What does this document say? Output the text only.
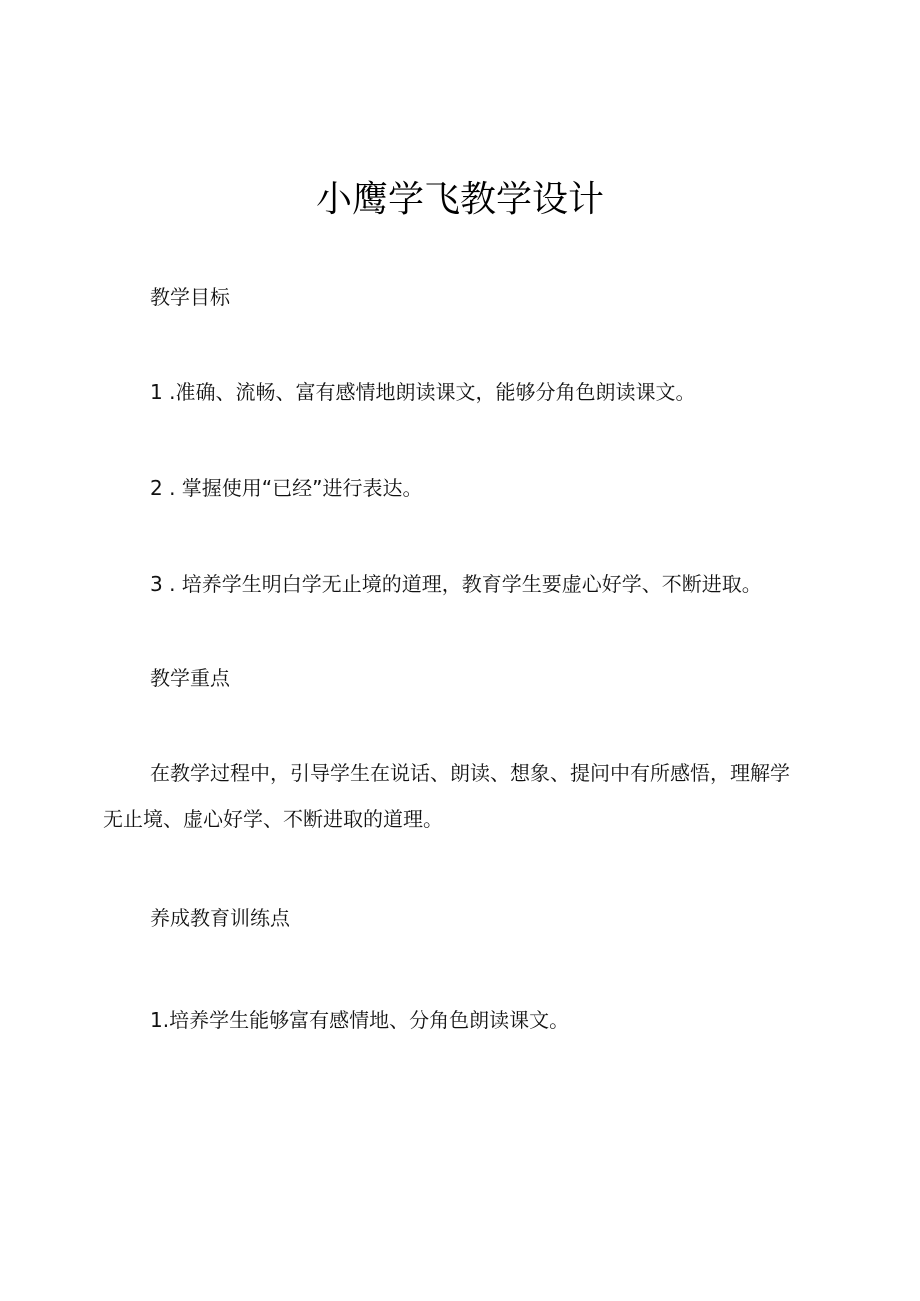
小鹰学飞教学设计
教学目标
1 .准确、流畅、富有感情地朗读课文，能够分角色朗读课文。
2 . 掌握使用“已经”进行表达。
3 . 培养学生明白学无止境的道理，教育学生要虚心好学、不断进取。
教学重点
在教学过程中，引导学生在说话、朗读、想象、提问中有所感悟，理解学无止境、虚心好学、不断进取的道理。
养成教育训练点
1.培养学生能够富有感情地、分角色朗读课文。
